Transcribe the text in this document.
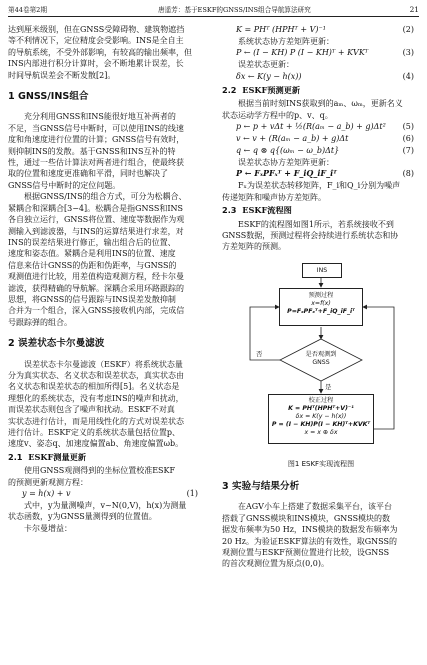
第44卷第2期	唐遥芳：基于ESKF的GNSS/INS组合导航算法研究	21

达到厘米级别，但在GNSS受障碍物、建筑物遮挡
等不利情况下，定位精度会受影响。INS是全自主
的导航系统，不受外部影响，有较高的输出频率，但
INS内部进行积分计算时，会不断地累计误差，长
时间导航误差会不断发散[2]。

1 GNSS/INS组合

充分利用GNSS和INS能很好地互补两者的

不足，当GNSS信号中断时，可以使用INS的线速
度和角速度进行位置的计算；GNSS信号有效时，
则抑制INS的发散。基于GNSS和INS互补的特
性，通过一些估计算法对两者进行组合，使最终获
取的位置和速度更准确和平滑，同时也解决了
GNSS信号中断时的定位问题。

根据GNSS/INS的组合方式，可分为松耦合、

紧耦合和深耦合[3−4]。松耦合是指GNSS和INS
各自独立运行，GNSS将位置、速度等数据作为观
测输入到滤波器，与INS的运算结果进行求差，对
INS的误差结果进行修正，输出组合后的位置、
速度和姿态值。紧耦合是利用INS的位置、速度
信息来估计GNSS的伪距和伪距率，与GNSS的
观测值进行比较，用差值构造观测方程，经卡尔曼
滤波，获得精确的导航解。深耦合采用环路跟踪的
思想，将GNSS的信号跟踪与INS误差发散抑制
合并为一个组合，深入GNSS接收机内部，完成信
号跟踪弹的组合。

2 误差状态卡尔曼滤波

误差状态卡尔曼滤波（ESKF）将系统状态量

分为真实状态、名义状态和误差状态，真实状态由
名义状态和误差状态的相加所得[5]。名义状态是
理想化的系统状态，没有考虑INS的噪声和扰动，
而误差状态则包含了噪声和扰动。ESKF不对真
实状态进行估计，而是用线性化的方式对误差状态
进行估计。ESKF定义的系统状态量包括位置p、
速度v、姿态q、加速度偏置ab、角速度偏置ωb。

2.1 ESKF测量更新

使用GNSS观测得到的坐标位置校准ESKF

的预测更新观测方程：

y = h(x) + v	(1)

式中，y为量测噪声，v~N(0,V)，h(x)为测量

状态函数，y为GNSS量测得到的位置值。

卡尔曼增益：

K = PHᵀ (HPHᵀ + V)⁻¹	(2)

系统状态协方差矩阵更新：

P ← (I − KH) P (I − KH)ᵀ + KVKᵀ	(3)

误差状态更新：

δx ← K(y − h(x))	(4)
2.2 ESKF预测更新

根据当前时刻INS获取到的aₘ、ωₘ，更新名义

状态运动学方程中的p、v、q。

p ← p + vΔt + ½(R(aₘ − a_b) + g)Δt² (5)
v ← v + (R(aₘ − a_b) + g)Δt	(6)
q ← q ⊗ q{(ωₘ − ω_b)Δt}	(7)

误差状态协方差矩阵更新：

P ← FₓPFₓᵀ + F_iQ_iF_iᵀ	(8)

Fₓ为误差状态转移矩阵，F_i和Q_i分别为噪声

传递矩阵和噪声协方差矩阵。

2.3 ESKF流程图

ESKF的流程图如图1所示，若系统接收不到

GNSS数据，预测过程将会持续进行系统状态和协
方差矩阵的预测。

INS
预测过程
x=f(x)
P=FₓPFₓᵀ+F_iQ_iF_iᵀ
是否观测到
GNSS
否
是
校正过程
K = PHᵀ(HPHᵀ+V)⁻¹
δx = K(y − h(x))
P = (I − KH)P(I − KH)ᵀ+KVKᵀ
x = x ⊕ δx
图1 ESKF实现流程图
3 实验与结果分析

在AGV小车上搭建了数据采集平台，该平台

搭载了GNSS模块和INS模块，GNSS模块的数
据发布频率为50 Hz，INS模块的数据发布频率为
20 Hz。为验证ESKF算法的有效性，取GNSS的
观测位置与ESKF预测位置进行比较，设GNSS
的首次观测位置为原点(0,0)。
